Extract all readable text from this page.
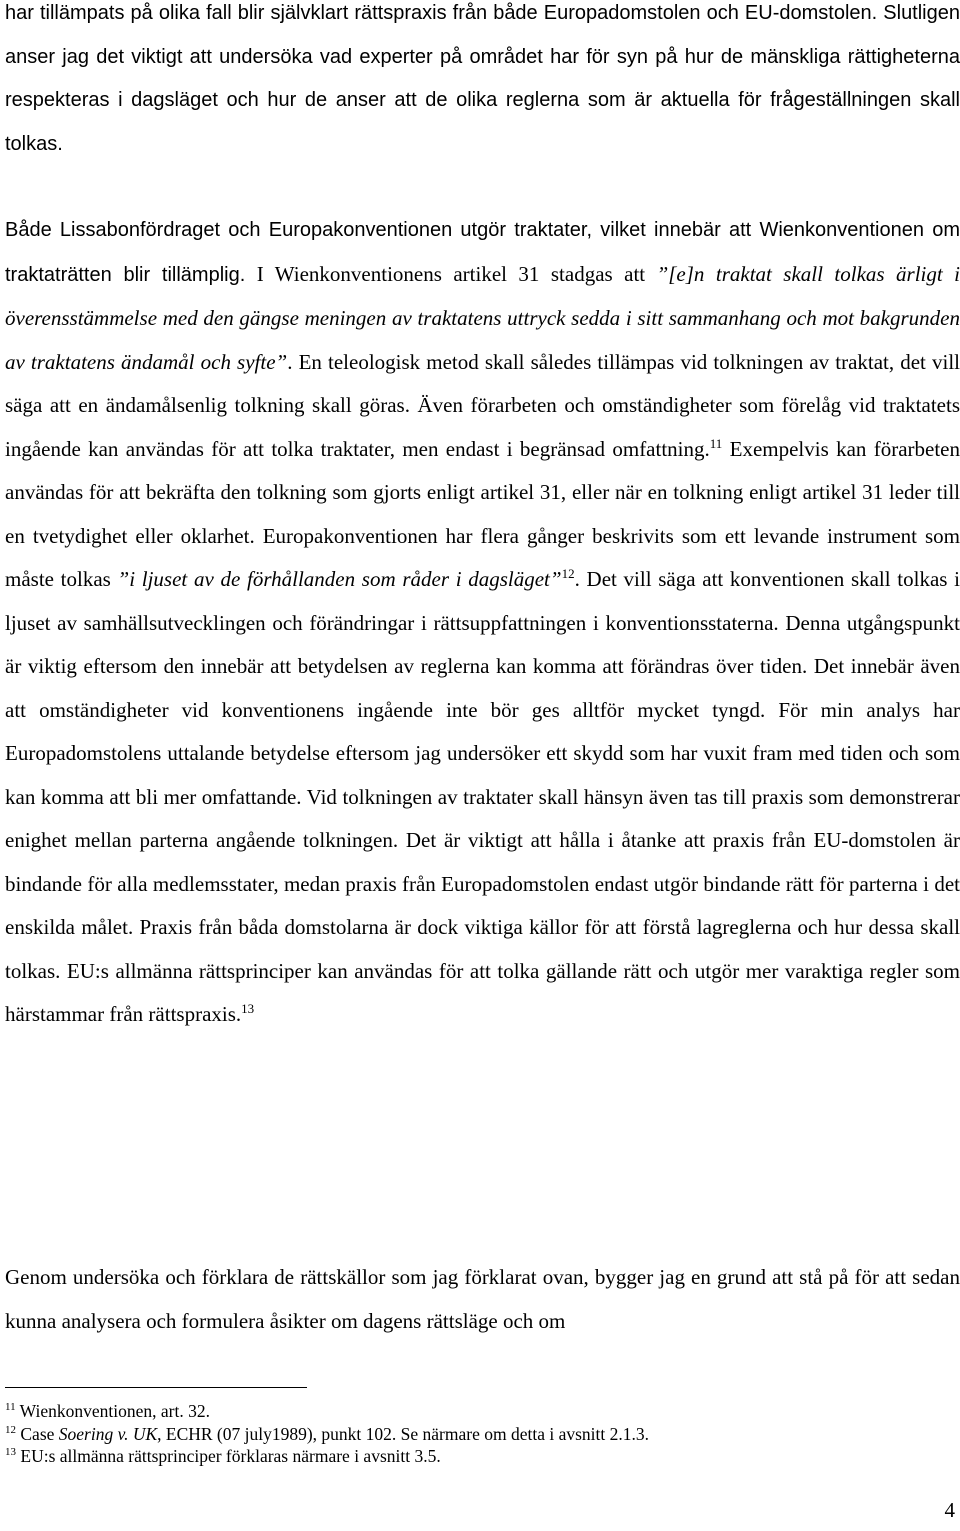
har tillämpats på olika fall blir självklart rättspraxis från både Europadomstolen och EU-domstolen. Slutligen anser jag det viktigt att undersöka vad experter på området har för syn på hur de mänskliga rättigheterna respekteras i dagsläget och hur de anser att de olika reglerna som är aktuella för frågeställningen skall tolkas.

Både Lissabonfördraget och Europakonventionen utgör traktater, vilket innebär att Wienkonventionen om traktaträtten blir tillämplig. I Wienkonventionens artikel 31 stadgas att ”[e]n traktat skall tolkas ärligt i överensstämmelse med den gängse meningen av traktatens uttryck sedda i sitt sammanhang och mot bakgrunden av traktatens ändamål och syfte”. En teleologisk metod skall således tillämpas vid tolkningen av traktat, det vill säga att en ändamålsenlig tolkning skall göras. Även förarbeten och omständigheter som förelåg vid traktatets ingående kan användas för att tolka traktater, men endast i begränsad omfattning.$^{11}$ Exempelvis kan förarbeten användas för att bekräfta den tolkning som gjorts enligt artikel 31, eller när en tolkning enligt artikel 31 leder till en tvetydighet eller oklarhet. Europakonventionen har flera gånger beskrivits som ett levande instrument som måste tolkas ”i ljuset av de förhållanden som råder i dagsläget”$^{12}$. Det vill säga att konventionen skall tolkas i ljuset av samhällsutvecklingen och förändringar i rättsuppfattningen i konventionsstaterna. Denna utgångspunkt är viktig eftersom den innebär att betydelsen av reglerna kan komma att förändras över tiden. Det innebär även att omständigheter vid konventionens ingående inte bör ges alltför mycket tyngd. För min analys har Europadomstolens uttalande betydelse eftersom jag undersöker ett skydd som har vuxit fram med tiden och som kan komma att bli mer omfattande. Vid tolkningen av traktater skall hänsyn även tas till praxis som demonstrerar enighet mellan parterna angående tolkningen. Det är viktigt att hålla i åtanke att praxis från EU-domstolen är bindande för alla medlemsstater, medan praxis från Europadomstolen endast utgör bindande rätt för parterna i det enskilda målet. Praxis från båda domstolarna är dock viktiga källor för att förstå lagreglerna och hur dessa skall tolkas. EU:s allmänna rättsprinciper kan användas för att tolka gällande rätt och utgör mer varaktiga regler som härstammar från rättspraxis.$^{13}$

Genom undersöka och förklara de rättskällor som jag förklarat ovan, bygger jag en grund att stå på för att sedan kunna analysera och formulera åsikter om dagens rättsläge och om

$^{11}$ Wienkonventionen, art. 32.
$^{12}$ Case Soering v. UK, ECHR (07 july1989), punkt 102. Se närmare om detta i avsnitt 2.1.3.
$^{13}$ EU:s allmänna rättsprinciper förklaras närmare i avsnitt 3.5.
4
